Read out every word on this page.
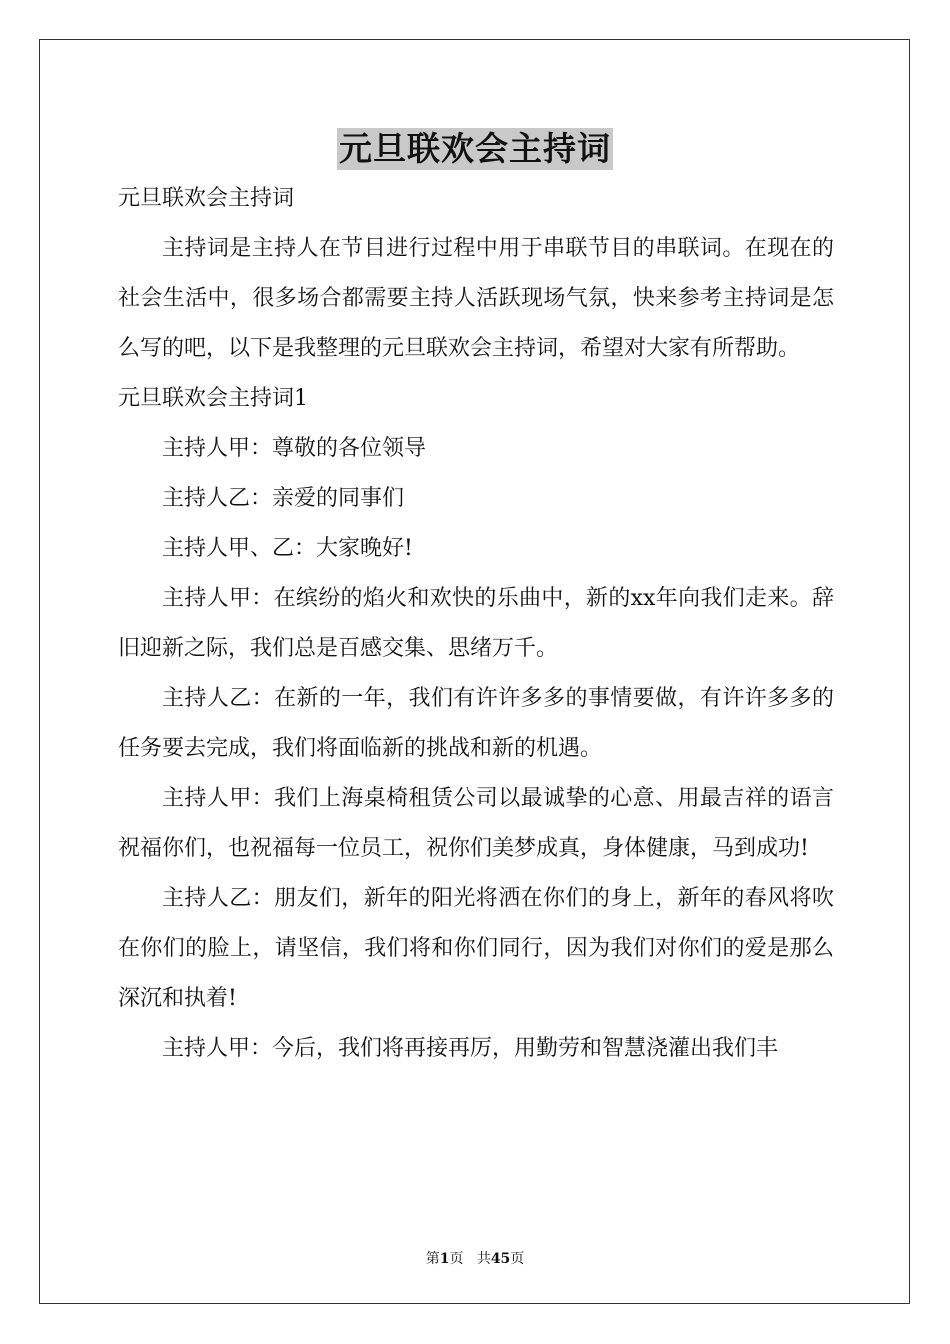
元旦联欢会主持词
元旦联欢会主持词

主持词是主持人在节目进行过程中用于串联节目的串联词。在现在的社会生活中，很多场合都需要主持人活跃现场气氛，快来参考主持词是怎么写的吧，以下是我整理的元旦联欢会主持词，希望对大家有所帮助。

元旦联欢会主持词1

主持人甲：尊敬的各位领导

主持人乙：亲爱的同事们

主持人甲、乙：大家晚好!

主持人甲：在缤纷的焰火和欢快的乐曲中，新的xx年向我们走来。辞旧迎新之际，我们总是百感交集、思绪万千。

主持人乙：在新的一年，我们有许许多多的事情要做，有许许多多的任务要去完成，我们将面临新的挑战和新的机遇。

主持人甲：我们上海桌椅租赁公司以最诚挚的心意、用最吉祥的语言祝福你们，也祝福每一位员工，祝你们美梦成真，身体健康，马到成功!

主持人乙：朋友们，新年的阳光将洒在你们的身上，新年的春风将吹在你们的脸上，请坚信，我们将和你们同行，因为我们对你们的爱是那么深沉和执着!

主持人甲：今后，我们将再接再厉，用勤劳和智慧浇灌出我们丰

第1页 共45页
